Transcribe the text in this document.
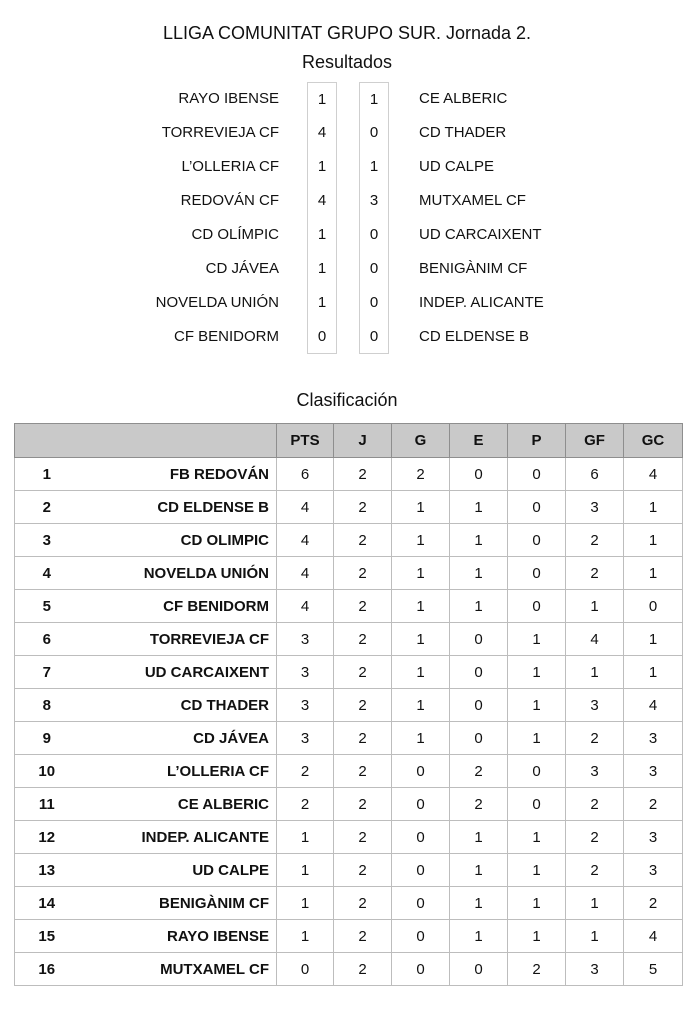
LLIGA COMUNITAT GRUPO SUR. Jornada 2.
Resultados
RAYO IBENSE	1	1	CE ALBERIC
TORREVIEJA CF	4	0	CD THADER
L’OLLERIA CF	1	1	UD CALPE
REDOVÁN CF	4	3	MUTXAMEL CF
CD OLÍMPIC	1	0	UD CARCAIXENT
CD JÁVEA	1	0	BENIGÀNIM CF
NOVELDA UNIÓN	1	0	INDEP. ALICANTE
CF BENIDORM	0	0	CD ELDENSE B
Clasificación
		PTS	J	G	E	P	GF	GC
1	FB REDOVÁN	6	2	2	0	0	6	4
2	CD ELDENSE B	4	2	1	1	0	3	1
3	CD OLIMPIC	4	2	1	1	0	2	1
4	NOVELDA UNIÓN	4	2	1	1	0	2	1
5	CF BENIDORM	4	2	1	1	0	1	0
6	TORREVIEJA CF	3	2	1	0	1	4	1
7	UD CARCAIXENT	3	2	1	0	1	1	1
8	CD THADER	3	2	1	0	1	3	4
9	CD JÁVEA	3	2	1	0	1	2	3
10	L’OLLERIA CF	2	2	0	2	0	3	3
11	CE ALBERIC	2	2	0	2	0	2	2
12	INDEP. ALICANTE	1	2	0	1	1	2	3
13	UD CALPE	1	2	0	1	1	2	3
14	BENIGÀNIM CF	1	2	0	1	1	1	2
15	RAYO IBENSE	1	2	0	1	1	1	4
16	MUTXAMEL CF	0	2	0	0	2	3	5
